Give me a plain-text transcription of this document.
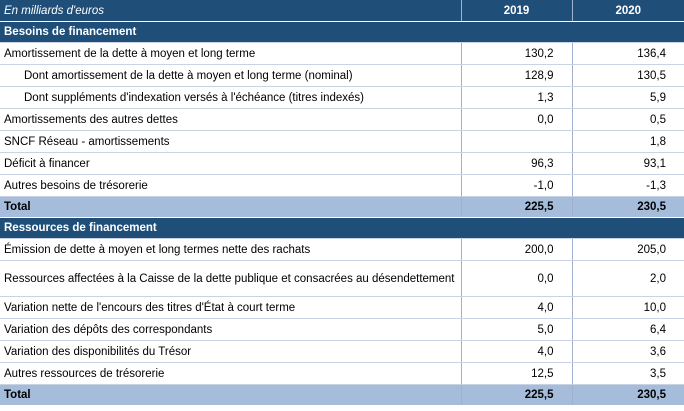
En milliards d'euros	2019	2020
Besoins de financement		
Amortissement de la dette à moyen et long terme	130,2	136,4
Dont amortissement de la dette à moyen et long terme (nominal)	128,9	130,5
Dont suppléments d'indexation versés à l'échéance (titres indexés)	1,3	5,9
Amortissements des autres dettes	0,0	0,5
SNCF Réseau - amortissements		1,8
Déficit à financer	96,3	93,1
Autres besoins de trésorerie	-1,0	-1,3
Total	225,5	230,5
Ressources de financement		
Émission de dette à moyen et long termes nette des rachats	200,0	205,0
Ressources affectées à la Caisse de la dette publique et consacrées au désendettement	0,0	2,0
Variation nette de l'encours des titres d'État à court terme	4,0	10,0
Variation des dépôts des correspondants	5,0	6,4
Variation des disponibilités du Trésor	4,0	3,6
Autres ressources de trésorerie	12,5	3,5
Total	225,5	230,5
